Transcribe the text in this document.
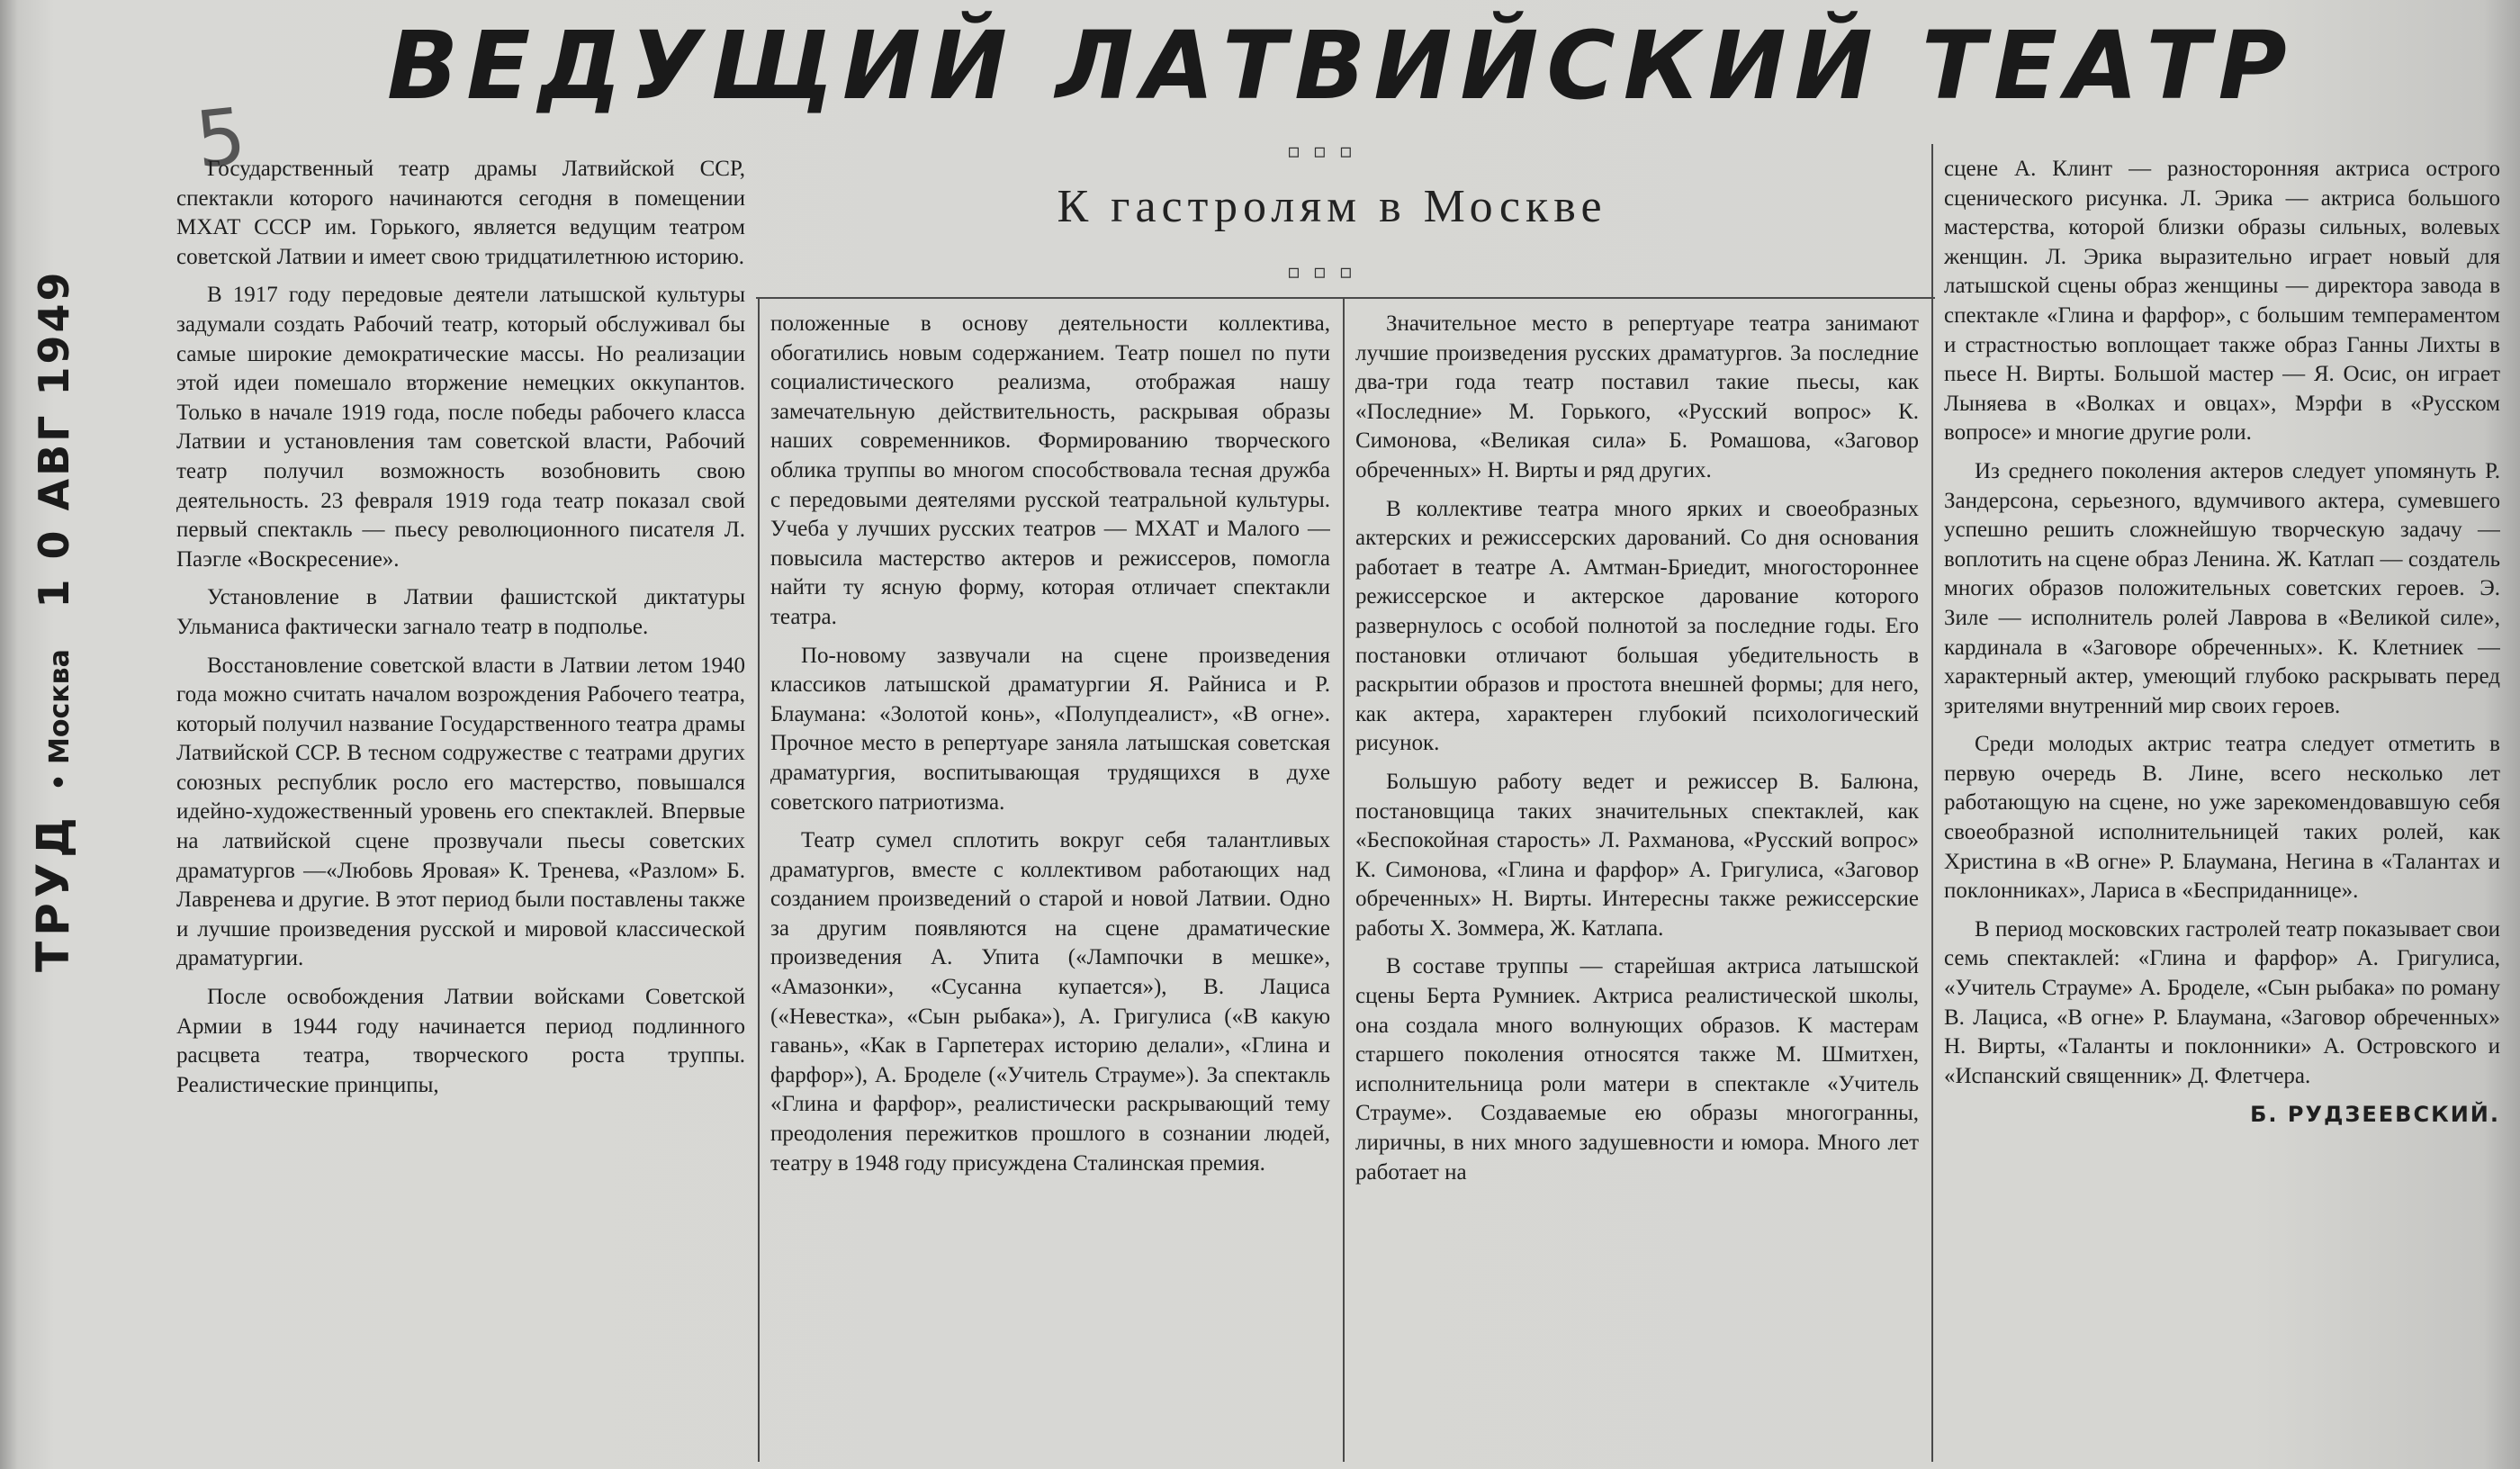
5
ВЕДУЩИЙ ЛАТВИЙСКИЙ ТЕАТР
▫▫▫
К гастролям в Москве
▫▫▫
ТРУД • Москва 1 0 АВГ 1949

Государственный театр драмы Латвийской ССР, спектакли которого начинаются сегодня в помещении МХАТ СССР им. Горького, является ведущим театром советской Латвии и имеет свою тридцатилетнюю историю.

В 1917 году передовые деятели латышской культуры задумали создать Рабочий театр, который обслуживал бы самые широкие демократические массы. Но реализации этой идеи помешало вторжение немецких оккупантов. Только в начале 1919 года, после победы рабочего класса Латвии и установления там советской власти, Рабочий театр получил возможность возобновить свою деятельность. 23 февраля 1919 года театр показал свой первый спектакль — пьесу революционного писателя Л. Паэгле «Воскресение».

Установление в Латвии фашистской диктатуры Ульманиса фактически загнало театр в подполье.

Восстановление советской власти в Латвии летом 1940 года можно считать началом возрождения Рабочего театра, который получил название Государственного театра драмы Латвийской ССР. В тесном содружестве с театрами других союзных республик росло его мастерство, повышался идейно-художественный уровень его спектаклей. Впервые на латвийской сцене прозвучали пьесы советских драматургов —«Любовь Яровая» К. Тренева, «Разлом» Б. Лавренева и другие. В этот период были поставлены также и лучшие произведения русской и мировой классической драматургии.

После освобождения Латвии войсками Советской Армии в 1944 году начинается период подлинного расцвета театра, творческого роста труппы. Реалистические принципы,

положенные в основу деятельности коллектива, обогатились новым содержанием. Театр пошел по пути социалистического реализма, отображая нашу замечательную действительность, раскрывая образы наших современников. Формированию творческого облика труппы во многом способствовала тесная дружба с передовыми деятелями русской театральной культуры. Учеба у лучших русских театров — МХАТ и Малого — повысила мастерство актеров и режиссеров, помогла найти ту ясную форму, которая отличает спектакли театра.

По-новому зазвучали на сцене произведения классиков латышской драматургии Я. Райниса и Р. Блаумана: «Золотой конь», «Полупдеалист», «В огне». Прочное место в репертуаре заняла латышская советская драматургия, воспитывающая трудящихся в духе советского патриотизма.

Театр сумел сплотить вокруг себя талантливых драматургов, вместе с коллективом работающих над созданием произведений о старой и новой Латвии. Одно за другим появляются на сцене драматические произведения А. Упита («Лампочки в мешке», «Амазонки», «Сусанна купается»), В. Лациса («Невестка», «Сын рыбака»), А. Григулиса («В какую гавань», «Как в Гарпетерах историю делали», «Глина и фарфор»), А. Броделе («Учитель Страуме»). За спектакль «Глина и фарфор», реалистически раскрывающий тему преодоления пережитков прошлого в сознании людей, театру в 1948 году присуждена Сталинская премия.

Значительное место в репертуаре театра занимают лучшие произведения русских драматургов. За последние два-три года театр поставил такие пьесы, как «Последние» М. Горького, «Русский вопрос» К. Симонова, «Великая сила» Б. Ромашова, «Заговор обреченных» Н. Вирты и ряд других.

В коллективе театра много ярких и своеобразных актерских и режиссерских дарований. Со дня основания работает в театре А. Амтман-Бриедит, многостороннее режиссерское и актерское дарование которого развернулось с особой полнотой за последние годы. Его постановки отличают большая убедительность в раскрытии образов и простота внешней формы; для него, как актера, характерен глубокий психологический рисунок.

Большую работу ведет и режиссер В. Балюна, постановщица таких значительных спектаклей, как «Беспокойная старость» Л. Рахманова, «Русский вопрос» К. Симонова, «Глина и фарфор» А. Григулиса, «Заговор обреченных» Н. Вирты. Интересны также режиссерские работы Х. Зоммера, Ж. Катлапа.

В составе труппы — старейшая актриса латышской сцены Берта Румниек. Актриса реалистической школы, она создала много волнующих образов. К мастерам старшего поколения относятся также М. Шмитхен, исполнительница роли матери в спектакле «Учитель Страуме». Создаваемые ею образы многогранны, лиричны, в них много задушевности и юмора. Много лет работает на

сцене А. Клинт — разносторонняя актриса острого сценического рисунка. Л. Эрика — актриса большого мастерства, которой близки образы сильных, волевых женщин. Л. Эрика выразительно играет новый для латышской сцены образ женщины — директора завода в спектакле «Глина и фарфор», с большим темпераментом и страстностью воплощает также образ Ганны Лихты в пьесе Н. Вирты. Большой мастер — Я. Осис, он играет Лыняева в «Волках и овцах», Мэрфи в «Русском вопросе» и многие другие роли.

Из среднего поколения актеров следует упомянуть Р. Зандерсона, серьезного, вдумчивого актера, сумевшего успешно решить сложнейшую творческую задачу — воплотить на сцене образ Ленина. Ж. Катлап — создатель многих образов положительных советских героев. Э. Зиле — исполнитель ролей Лаврова в «Великой силе», кардинала в «Заговоре обреченных». К. Клетниек — характерный актер, умеющий глубоко раскрывать перед зрителями внутренний мир своих героев.

Среди молодых актрис театра следует отметить в первую очередь В. Лине, всего несколько лет работающую на сцене, но уже зарекомендовавшую себя своеобразной исполнительницей таких ролей, как Христина в «В огне» Р. Блаумана, Негина в «Талантах и поклонниках», Лариса в «Бесприданнице».

В период московских гастролей театр показывает свои семь спектаклей: «Глина и фарфор» А. Григулиса, «Учитель Страуме» А. Броделе, «Сын рыбака» по роману В. Лациса, «В огне» Р. Блаумана, «Заговор обреченных» Н. Вирты, «Таланты и поклонники» А. Островского и «Испанский священник» Д. Флетчера.

Б. РУДЗЕЕВСКИЙ.
